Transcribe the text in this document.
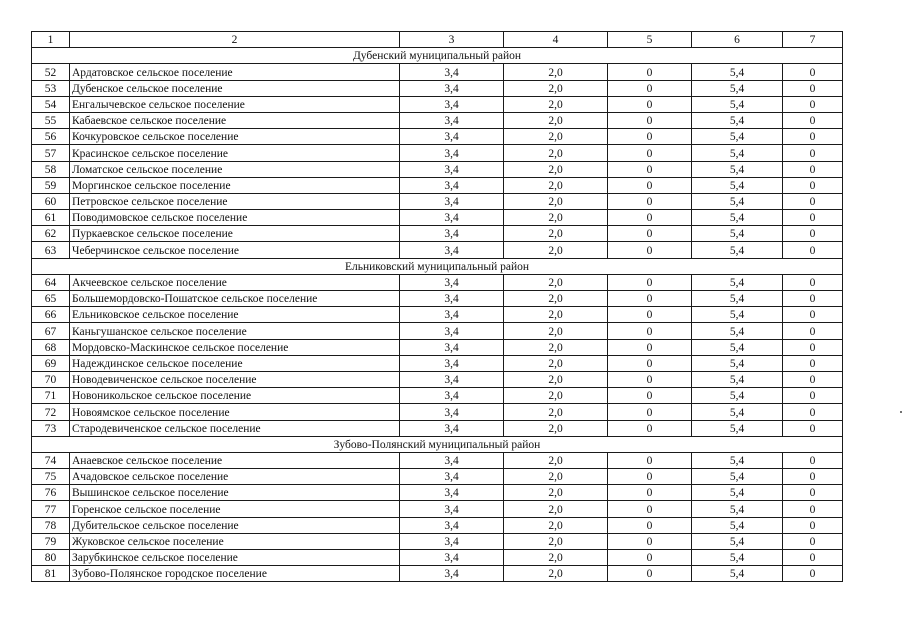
1	2	3	4	5	6	7
Дубенский муниципальный район						
52	Ардатовское сельское поселение	3,4	2,0	0	5,4	0
53	Дубенское сельское поселение	3,4	2,0	0	5,4	0
54	Енгалычевское сельское поселение	3,4	2,0	0	5,4	0
55	Кабаевское сельское поселение	3,4	2,0	0	5,4	0
56	Кочкуровское сельское поселение	3,4	2,0	0	5,4	0
57	Красинское сельское поселение	3,4	2,0	0	5,4	0
58	Ломатское сельское поселение	3,4	2,0	0	5,4	0
59	Моргинское сельское поселение	3,4	2,0	0	5,4	0
60	Петровское сельское поселение	3,4	2,0	0	5,4	0
61	Поводимовское сельское поселение	3,4	2,0	0	5,4	0
62	Пуркаевское сельское поселение	3,4	2,0	0	5,4	0
63	Чеберчинское сельское поселение	3,4	2,0	0	5,4	0
Ельниковский муниципальный район						
64	Акчеевское сельское поселение	3,4	2,0	0	5,4	0
65	Большемордовско-Пошатское сельское поселение	3,4	2,0	0	5,4	0
66	Ельниковское сельское поселение	3,4	2,0	0	5,4	0
67	Каньгушанское сельское поселение	3,4	2,0	0	5,4	0
68	Мордовско-Маскинское сельское поселение	3,4	2,0	0	5,4	0
69	Надеждинское сельское поселение	3,4	2,0	0	5,4	0
70	Новодевиченское сельское поселение	3,4	2,0	0	5,4	0
71	Новоникольское сельское поселение	3,4	2,0	0	5,4	0
72	Новоямское сельское поселение	3,4	2,0	0	5,4	0
73	Стародевиченское сельское поселение	3,4	2,0	0	5,4	0
Зубово-Полянский муниципальный район						
74	Анаевское сельское поселение	3,4	2,0	0	5,4	0
75	Ачадовское сельское поселение	3,4	2,0	0	5,4	0
76	Вышинское сельское поселение	3,4	2,0	0	5,4	0
77	Горенское сельское поселение	3,4	2,0	0	5,4	0
78	Дубительское сельское поселение	3,4	2,0	0	5,4	0
79	Жуковское сельское поселение	3,4	2,0	0	5,4	0
80	Зарубкинское сельское поселение	3,4	2,0	0	5,4	0
81	Зубово-Полянское городское поселение	3,4	2,0	0	5,4	0
